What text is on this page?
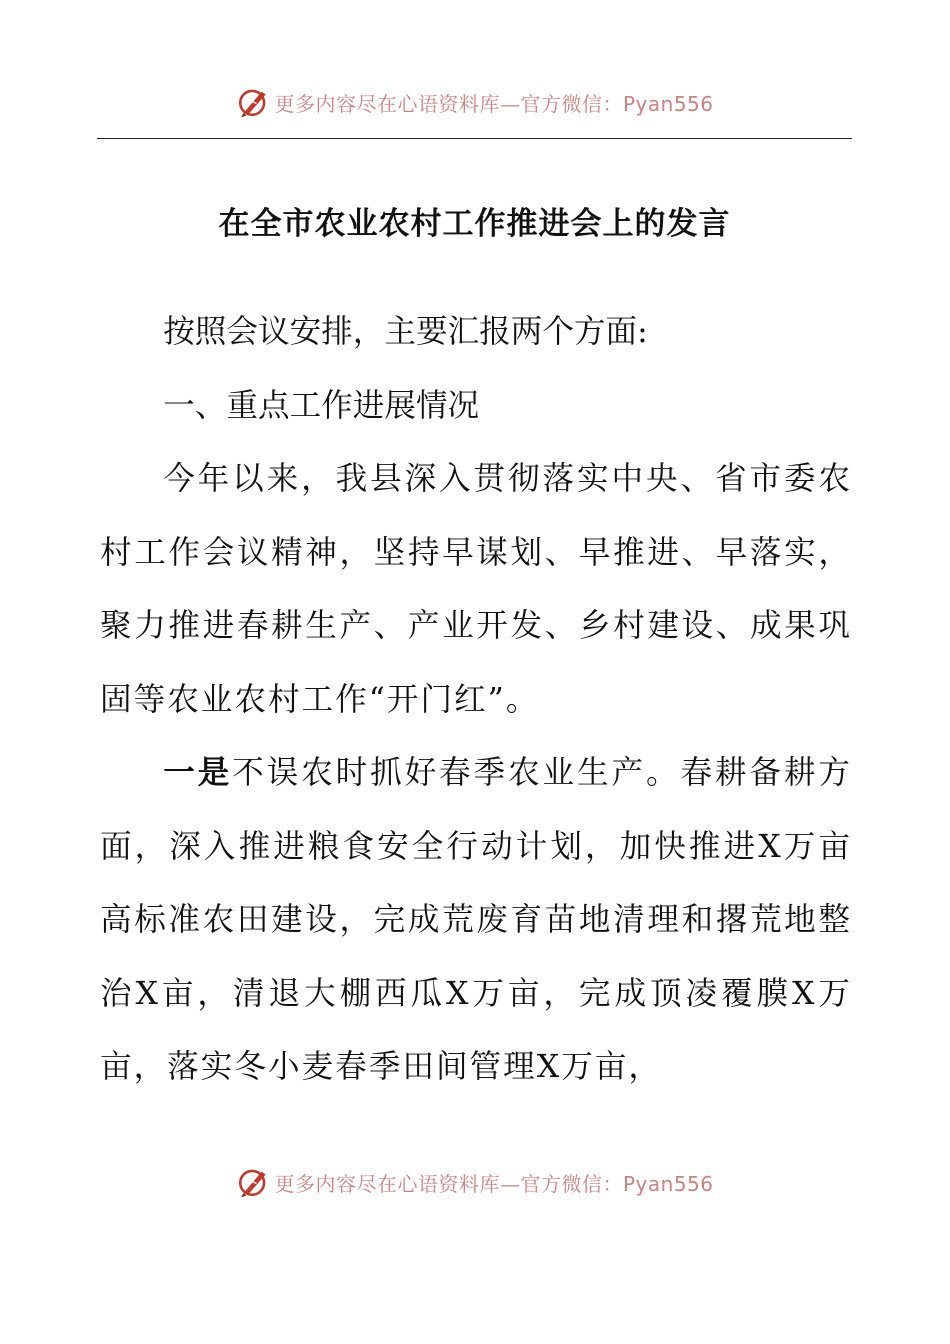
更多内容尽在心语资料库—官方微信：Pyan556
在全市农业农村工作推进会上的发言

按照会议安排，主要汇报两个方面:

一、重点工作进展情况

今年以来，我县深入贯彻落实中央、省市委农村工作会议精神，坚持早谋划、早推进、早落实，聚力推进春耕生产、产业开发、乡村建设、成果巩固等农业农村工作“开门红”。

一是不误农时抓好春季农业生产。春耕备耕方面，深入推进粮食安全行动计划，加快推进X万亩高标准农田建设，完成荒废育苗地清理和撂荒地整治X亩，清退大棚西瓜X万亩，完成顶凌覆膜X万亩，落实冬小麦春季田间管理X万亩，

更多内容尽在心语资料库—官方微信：Pyan556
